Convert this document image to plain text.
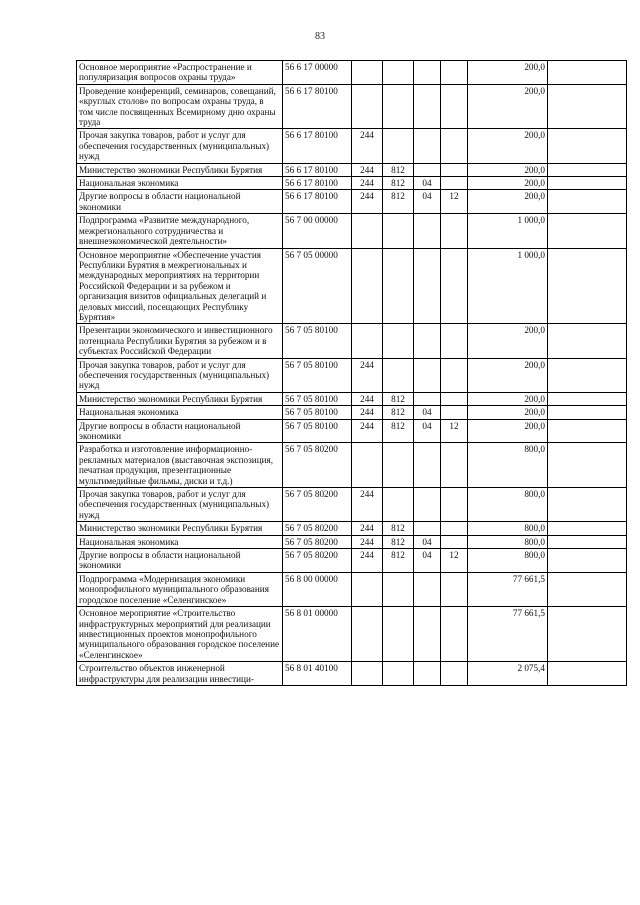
83
Основное мероприятие «Распространение и популяризация вопросов охраны труда»	56 6 17 00000					200,0	
Проведение конференций, семинаров, совещаний, «круглых столов» по вопросам охраны труда, в том числе посвященных Всемирному дню охраны труда	56 6 17 80100					200,0	
Прочая закупка товаров, работ и услуг для обеспечения государственных (муниципальных) нужд	56 6 17 80100	244				200,0	
Министерство экономики Республики Бурятия	56 6 17 80100	244	812			200,0	
Национальная экономика	56 6 17 80100	244	812	04		200,0	
Другие вопросы в области национальной экономики	56 6 17 80100	244	812	04	12	200,0	
Подпрограмма «Развитие международного, межрегионального сотрудничества и внешнеэкономической деятельности»	56 7 00 00000					1 000,0	
Основное мероприятие «Обеспечение участия Республики Бурятия в межрегиональных и международных мероприятиях на территории Российской Федерации и за рубежом и организация визитов официальных делегаций и деловых миссий, посещающих Республику Бурятия»	56 7 05 00000					1 000,0	
Презентации экономического и инвестиционного потенциала Республики Бурятия за рубежом и в субъектах Российской Федерации	56 7 05 80100					200,0	
Прочая закупка товаров, работ и услуг для обеспечения государственных (муниципальных) нужд	56 7 05 80100	244				200,0	
Министерство экономики Республики Бурятия	56 7 05 80100	244	812			200,0	
Национальная экономика	56 7 05 80100	244	812	04		200,0	
Другие вопросы в области национальной экономики	56 7 05 80100	244	812	04	12	200,0	
Разработка и изготовление информационно-рекламных материалов (выставочная экспозиция, печатная продукция, презентационные мультимедийные фильмы, диски и т.д.)	56 7 05 80200					800,0	
Прочая закупка товаров, работ и услуг для обеспечения государственных (муниципальных) нужд	56 7 05 80200	244				800,0	
Министерство экономики Республики Бурятия	56 7 05 80200	244	812			800,0	
Национальная экономика	56 7 05 80200	244	812	04		800,0	
Другие вопросы в области национальной экономики	56 7 05 80200	244	812	04	12	800,0	
Подпрограмма «Модернизация экономики монопрофильного муниципального образования городское поселение «Селенгинское»	56 8 00 00000					77 661,5	
Основное мероприятие «Строительство инфраструктурных мероприятий для реализации инвестиционных проектов монопрофильного муниципального образования городское поселение «Селенгинское»	56 8 01 00000					77 661,5	
Строительство объектов инженерной инфраструктуры для реализации инвестици-	56 8 01 40100					2 075,4	
